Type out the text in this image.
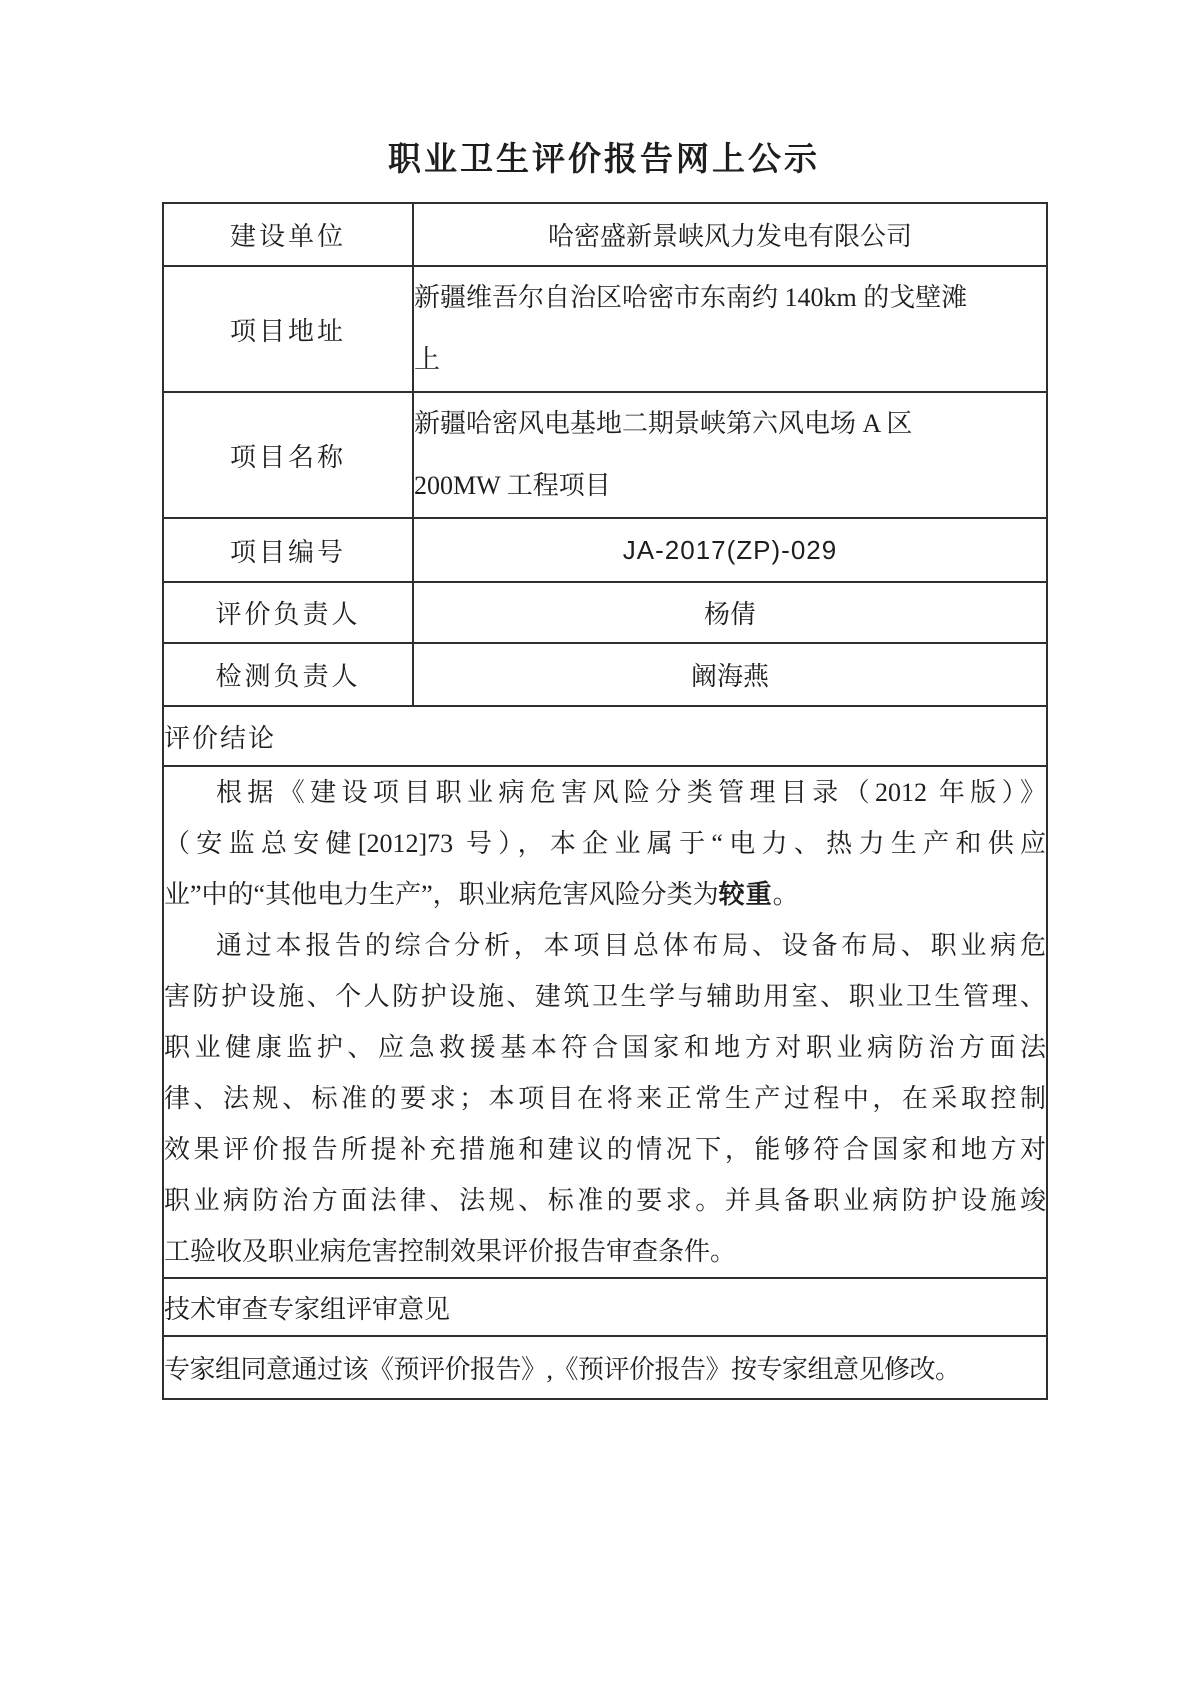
职业卫生评价报告网上公示
建设单位	哈密盛新景峡风力发电有限公司
项目地址	新疆维吾尔自治区哈密市东南约 140km 的戈壁滩
上

项目名称	新疆哈密风电基地二期景峡第六风电场 A 区
200MW 工程项目

项目编号	JA-2017(ZP)-029
评价负责人	杨倩
检测负责人	阚海燕
评价结论	

根据《建设项目职业病危害风险分类管理目录（2012 年版）》
（安监总安健[2012]73 号），本企业属于“电力、热力生产和供应
业”中的“其他电力生产”，职业病危害风险分类为较重。
通过本报告的综合分析，本项目总体布局、设备布局、职业病危
害防护设施、个人防护设施、建筑卫生学与辅助用室、职业卫生管理、
职业健康监护、应急救援基本符合国家和地方对职业病防治方面法
律、法规、标准的要求；本项目在将来正常生产过程中，在采取控制
效果评价报告所提补充措施和建议的情况下，能够符合国家和地方对
职业病防治方面法律、法规、标准的要求。并具备职业病防护设施竣
工验收及职业病危害控制效果评价报告审查条件。

技术审查专家组评审意见	
专家组同意通过该《预评价报告》,《预评价报告》按专家组意见修改。	
